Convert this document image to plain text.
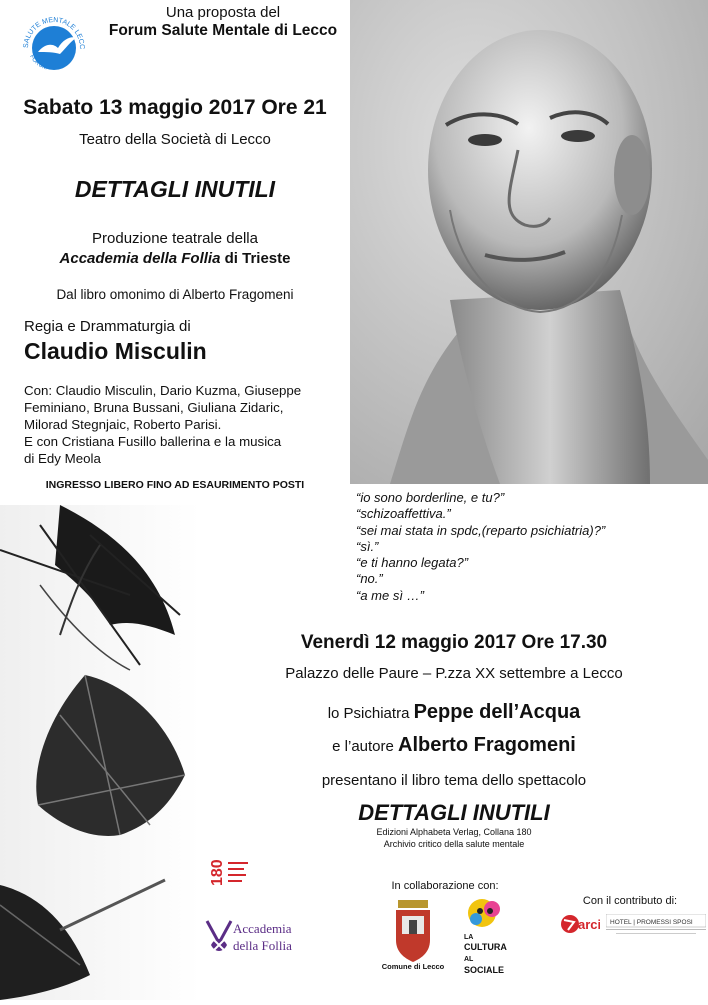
SALUTE MENTALE LECC
FORUM
Una proposta del
Forum Salute Mentale di Lecco
Sabato 13 maggio 2017 Ore 21
Teatro della Società di Lecco
DETTAGLI INUTILI
Produzione teatrale della
Accademia della Follia di Trieste
Dal libro omonimo di Alberto Fragomeni
Regia e Drammaturgia di
Claudio Misculin
Con: Claudio Misculin, Dario Kuzma, Giuseppe
Feminiano, Bruna Bussani, Giuliana Zidaric,
Milorad Stegnjaic, Roberto Parisi.
E con Cristiana Fusillo ballerina e la musica
di Edy Meola
INGRESSO LIBERO FINO AD ESAURIMENTO POSTI
“io sono borderline, e tu?”
“schizoaffettiva.”
“sei mai stata in spdc,(reparto psichiatria)?”
“sì.”
“e ti hanno legata?”
“no.”
“a me sì …”
Venerdì 12 maggio 2017 Ore 17.30
Palazzo delle Paure – P.zza XX settembre a Lecco
lo Psichiatra Peppe dell’Acqua
e l’autore Alberto Fragomeni
presentano il libro tema dello spettacolo
DETTAGLI INUTILI
Edizioni Alphabeta Verlag, Collana 180
Archivio critico della salute mentale
In collaborazione con:
Con il contributo di:
180
Accademia
della Follia
Comune di Lecco
LA
CULTURA
AL
SOCIALE
arci HOTEL | PROMESSI SPOSI
